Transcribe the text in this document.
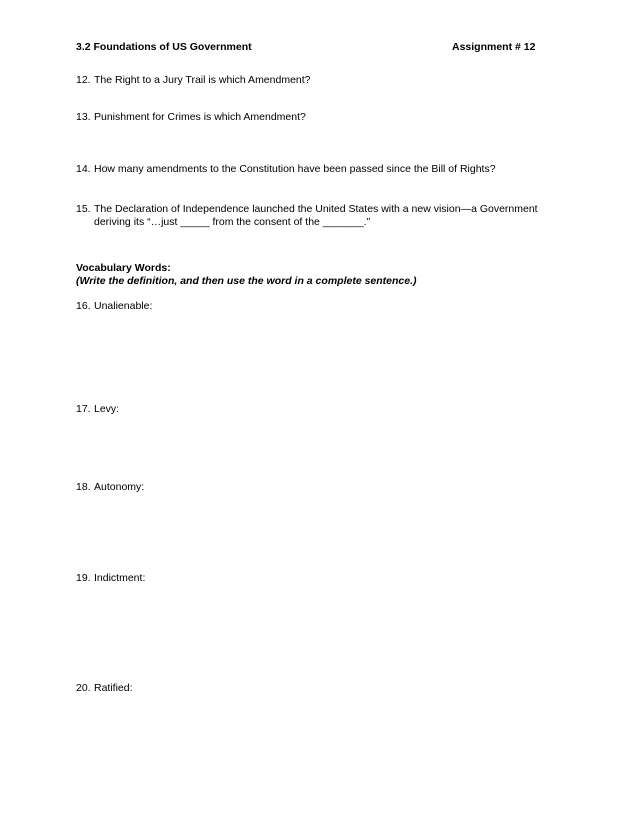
3.2 Foundations of US Government	Assignment # 12
12. The Right to a Jury Trail is which Amendment?
13. Punishment for Crimes is which Amendment?
14. How many amendments to the Constitution have been passed since the Bill of Rights?
15. The Declaration of Independence launched the United States with a new vision—a Government
deriving its “…just _____ from the consent of the _______.”
Vocabulary Words:
(Write the definition, and then use the word in a complete sentence.)
16. Unalienable:
17. Levy:
18. Autonomy:
19. Indictment:
20. Ratified:
